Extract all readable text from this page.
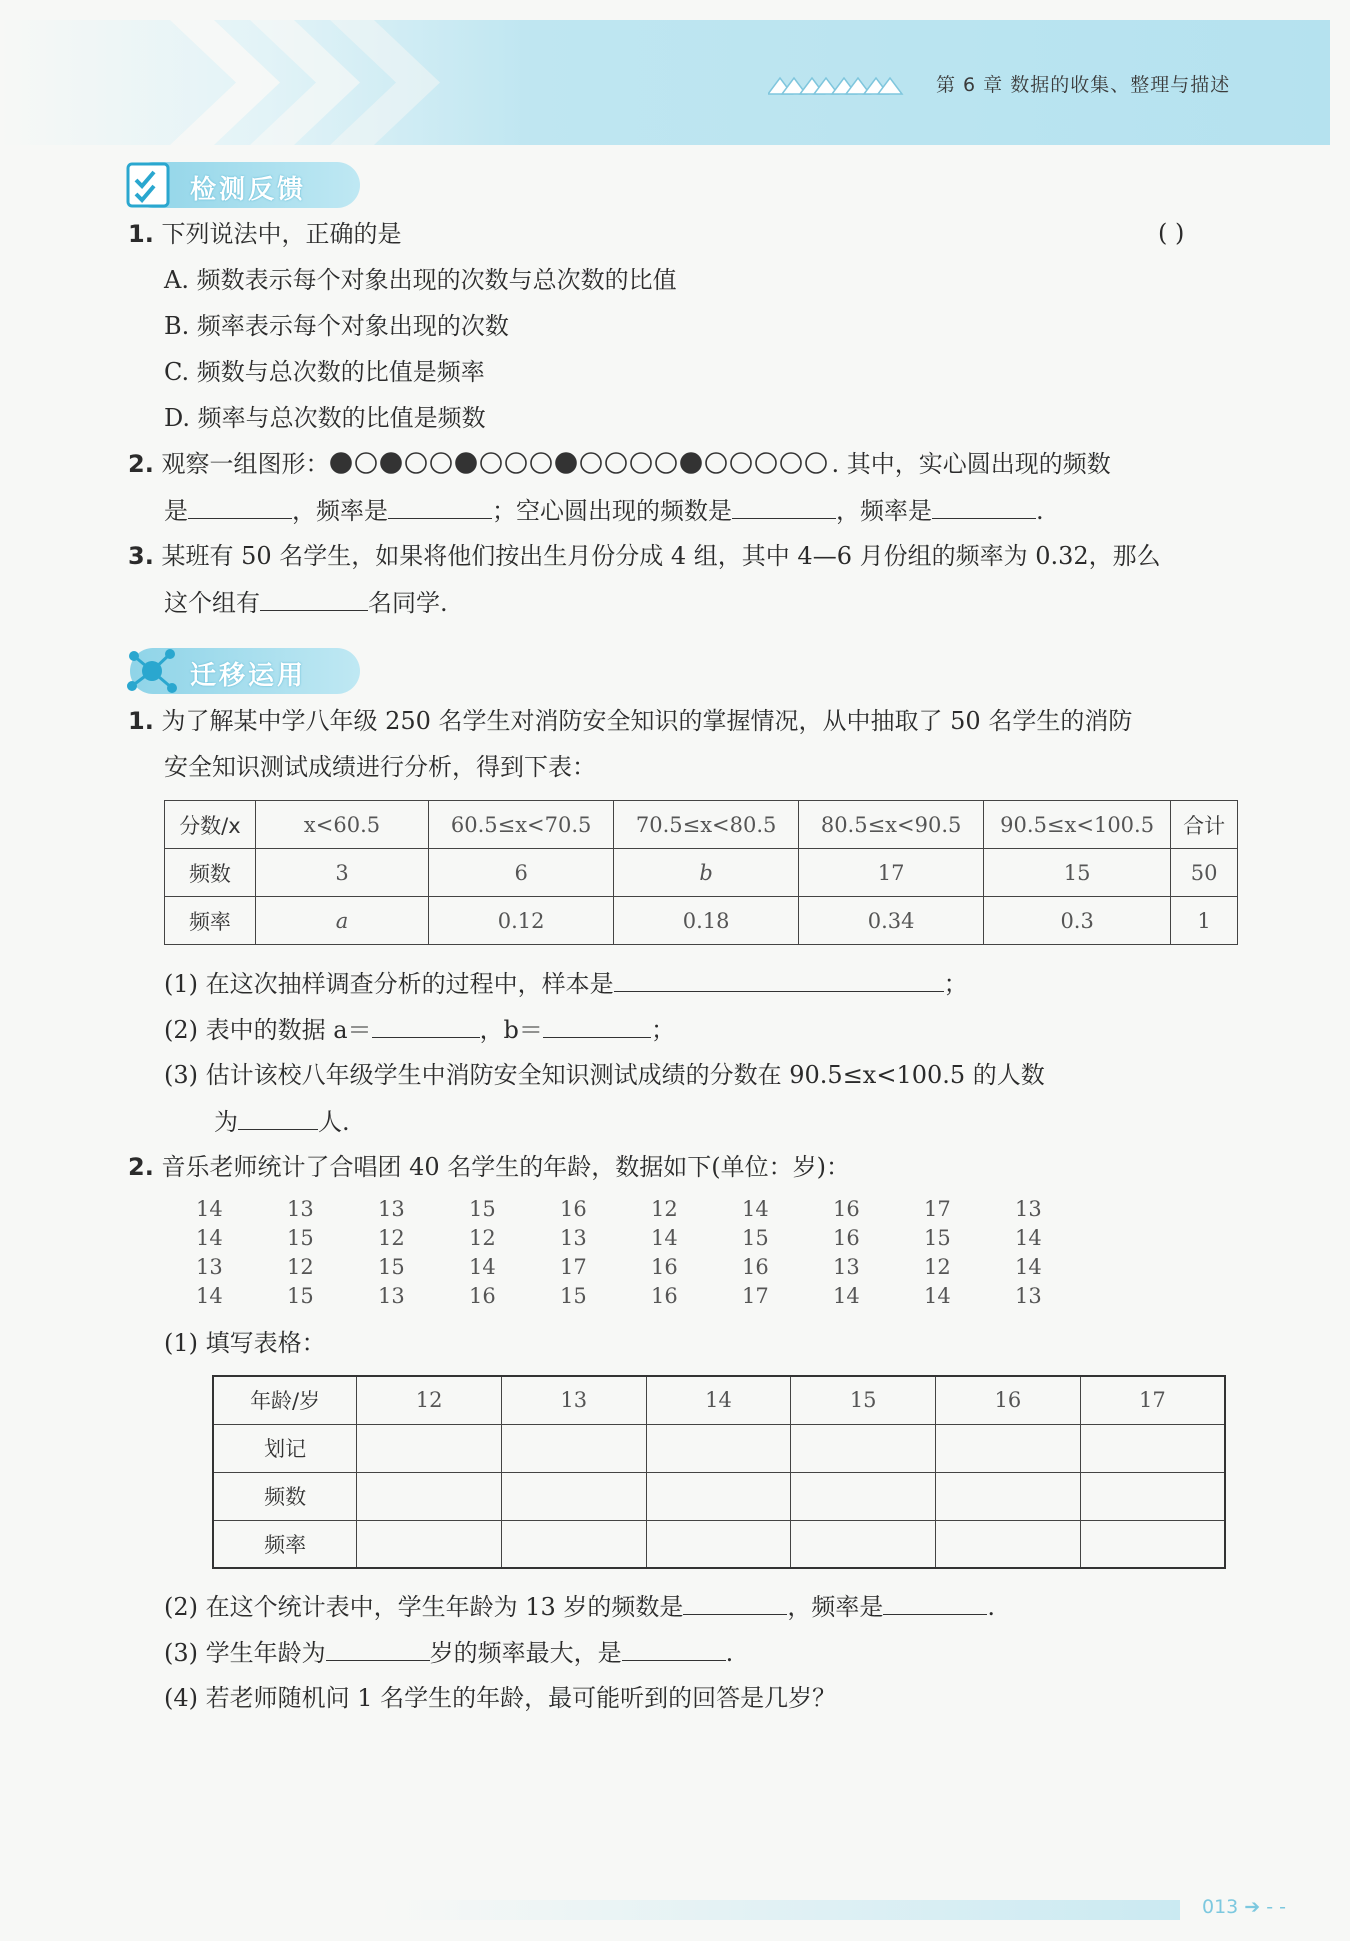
第 6 章 数据的收集、整理与描述
检测反馈
1. 下列说法中，正确的是	( )
A. 频数表示每个对象出现的次数与总次数的比值
B. 频率表示每个对象出现的次数
C. 频数与总次数的比值是频率
D. 频率与总次数的比值是频数
2. 观察一组图形：	. 其中，实心圆出现的频数
是	，频率是	；空心圆出现的频数是	，频率是	.
3. 某班有 50 名学生，如果将他们按出生月份分成 4 组，其中 4—6 月份组的频率为 0.32，那么
这个组有	名同学.
迁移运用
1. 为了解某中学八年级 250 名学生对消防安全知识的掌握情况，从中抽取了 50 名学生的消防
安全知识测试成绩进行分析，得到下表：
分数/x	x<60.5	60.5≤x<70.5	70.5≤x<80.5	80.5≤x<90.5	90.5≤x<100.5	合计
频数	3	6	b	17	15	50
频率	a	0.12	0.18	0.34	0.3	1
(1) 在这次抽样调查分析的过程中，样本是	；
(2) 表中的数据 a＝	，b＝	；
(3) 估计该校八年级学生中消防安全知识测试成绩的分数在 90.5≤x<100.5 的人数
为	人.
2. 音乐老师统计了合唱团 40 名学生的年龄，数据如下(单位：岁)：
14	13	13	15	16	12	14	16	17	13
14	15	12	12	13	14	15	16	15	14
13	12	15	14	17	16	16	13	12	14
14	15	13	16	15	16	17	14	14	13
(1) 填写表格：
年龄/岁	12	13	14	15	16	17
划记						
频数						
频率						
(2) 在这个统计表中，学生年龄为 13 岁的频数是	，频率是	.
(3) 学生年龄为	岁的频率最大，是	.
(4) 若老师随机问 1 名学生的年龄，最可能听到的回答是几岁？
013 ➔ ‐ ‐
